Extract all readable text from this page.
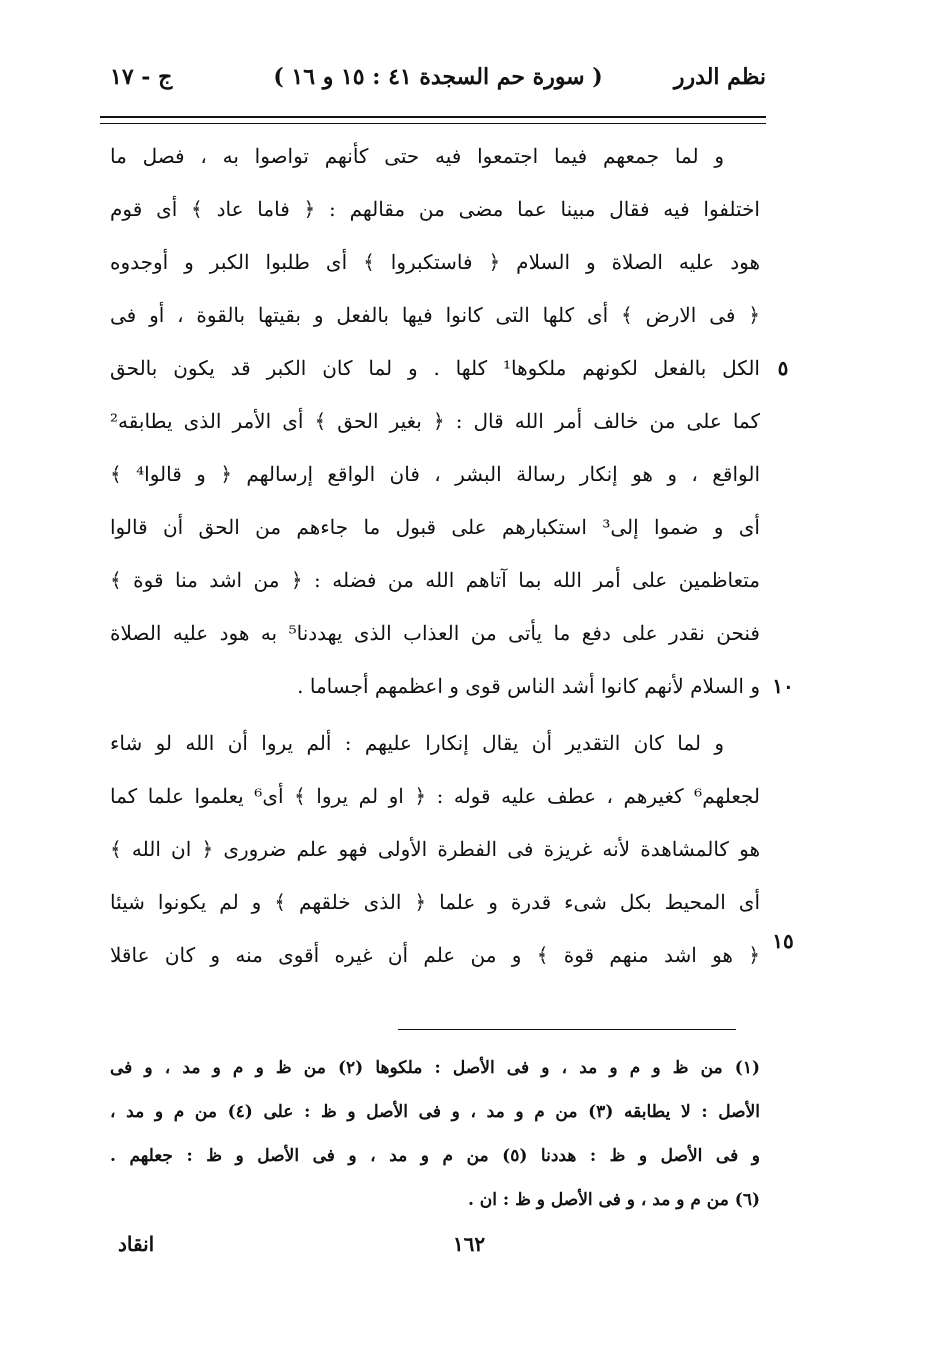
نظم الدرر
( سورة حم السجدة ٤١ : ١٥ و ١٦ )
ج - ١٧
٥
١٠
١٥
و لما جمعهم فيما اجتمعوا فيه حتى كأنهم تواصوا به ، فصل ما
اختلفوا فيه فقال مبينا عما مضى من مقالهم : ﴿ فاما عاد ﴾ أى قوم
هود عليه الصلاة و السلام ﴿ فاستكبروا ﴾ أى طلبوا الكبر و أوجدوه
﴿ فى الارض ﴾ أى كلها التى كانوا فيها بالفعل و بقيتها بالقوة ، أو فى
الكل بالفعل لكونهم ملكوها¹ كلها . و لما كان الكبر قد يكون بالحق
كما على من خالف أمر الله قال : ﴿ بغير الحق ﴾ أى الأمر الذى يطابقه²
الواقع ، و هو إنكار رسالة البشر ، فان الواقع إرسالهم ﴿ و قالوا⁴ ﴾
أى و ضموا إلى³ استكبارهم على قبول ما جاءهم من الحق أن قالوا
متعاظمين على أمر الله بما آتاهم الله من فضله : ﴿ من اشد منا قوة ﴾
فنحن نقدر على دفع ما يأتى من العذاب الذى يهددنا⁵ به هود عليه الصلاة
و السلام لأنهم كانوا أشد الناس قوى و اعظمهم أجساما .
و لما كان التقدير أن يقال إنكارا عليهم : ألم يروا أن الله لو شاء
لجعلهم⁶ كغيرهم ، عطف عليه قوله : ﴿ او لم يروا ﴾ أى⁶ يعلموا علما كما
هو كالمشاهدة لأنه غريزة فى الفطرة الأولى فهو علم ضرورى ﴿ ان الله ﴾
أى المحيط بكل شىء قدرة و علما ﴿ الذى خلقهم ﴾ و لم يكونوا شيئا
﴿ هو اشد منهم قوة ﴾ و من علم أن غيره أقوى منه و كان عاقلا
(١) من ظ و م و مد ، و فى الأصل : ملكوها (٢) من ظ و م و مد ، و فى
الأصل : لا يطابقه (٣) من م و مد ، و فى الأصل و ظ : على (٤) من م و مد ،
و فى الأصل و ظ : هددنا (٥) من م و مد ، و فى الأصل و ظ : جعلهم .
(٦) من م و مد ، و فى الأصل و ظ : ان .
١٦٢
انقاد
